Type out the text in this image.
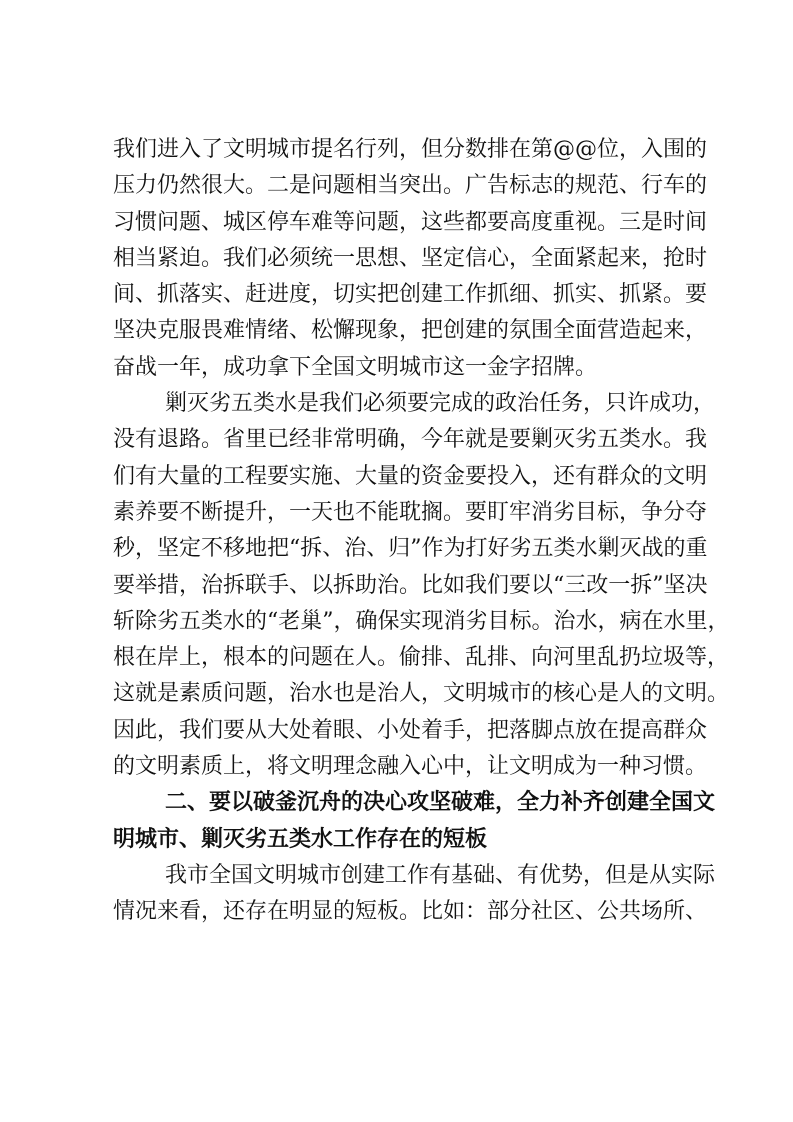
我们进入了文明城市提名行列，但分数排在第@@位，入围的
压力仍然很大。二是问题相当突出。广告标志的规范、行车的
习惯问题、城区停车难等问题，这些都要高度重视。三是时间
相当紧迫。我们必须统一思想、坚定信心，全面紧起来，抢时
间、抓落实、赶进度，切实把创建工作抓细、抓实、抓紧。要
坚决克服畏难情绪、松懈现象，把创建的氛围全面营造起来，
奋战一年，成功拿下全国文明城市这一金字招牌。
剿灭劣五类水是我们必须要完成的政治任务，只许成功，
没有退路。省里已经非常明确，今年就是要剿灭劣五类水。我
们有大量的工程要实施、大量的资金要投入，还有群众的文明
素养要不断提升，一天也不能耽搁。要盯牢消劣目标，争分夺
秒，坚定不移地把“拆、治、归”作为打好劣五类水剿灭战的重
要举措，治拆联手、以拆助治。比如我们要以“三改一拆”坚决
斩除劣五类水的“老巢”，确保实现消劣目标。治水，病在水里，
根在岸上，根本的问题在人。偷排、乱排、向河里乱扔垃圾等，
这就是素质问题，治水也是治人，文明城市的核心是人的文明。
因此，我们要从大处着眼、小处着手，把落脚点放在提高群众
的文明素质上，将文明理念融入心中，让文明成为一种习惯。
二、要以破釜沉舟的决心攻坚破难，全力补齐创建全国文
明城市、剿灭劣五类水工作存在的短板
我市全国文明城市创建工作有基础、有优势，但是从实际
情况来看，还存在明显的短板。比如：部分社区、公共场所、
